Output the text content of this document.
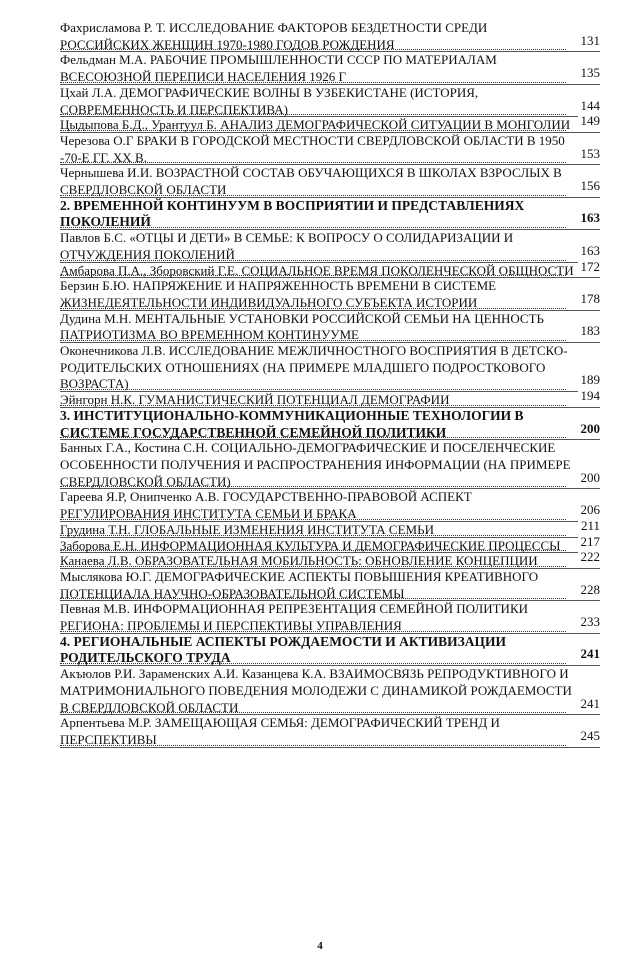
Фахрисламова Р. Т. ИССЛЕДОВАНИЕ ФАКТОРОВ БЕЗДЕТНОСТИ СРЕДИ РОССИЙСКИХ ЖЕНЩИН 1970-1980 ГОДОВ РОЖДЕНИЯ	131
Фельдман М.А. РАБОЧИЕ ПРОМЫШЛЕННОСТИ СССР ПО МАТЕРИАЛАМ ВСЕСОЮЗНОЙ ПЕРЕПИСИ НАСЕЛЕНИЯ 1926 Г	135
Цхай Л.А. ДЕМОГРАФИЧЕСКИЕ ВОЛНЫ В УЗБЕКИСТАНЕ (ИСТОРИЯ, СОВРЕМЕННОСТЬ И ПЕРСПЕКТИВА)	144
Цыдыпова Б.Д., Урантуул Б. АНАЛИЗ ДЕМОГРАФИЧЕСКОЙ СИТУАЦИИ В МОНГОЛИИ 149
Черезова О.Г БРАКИ В ГОРОДСКОЙ МЕСТНОСТИ СВЕРДЛОВСКОЙ ОБЛАСТИ В 1950 -70-Е ГГ. XX В.	153
Чернышева И.И. ВОЗРАСТНОЙ СОСТАВ ОБУЧАЮЩИХСЯ В ШКОЛАХ ВЗРОСЛЫХ В СВЕРДЛОВСКОЙ ОБЛАСТИ	156
2. ВРЕМЕННОЙ КОНТИНУУМ В ВОСПРИЯТИИ И ПРЕДСТАВЛЕНИЯХ ПОКОЛЕНИЙ	163
Павлов Б.С. «ОТЦЫ И ДЕТИ» В СЕМЬЕ: К ВОПРОСУ О СОЛИДАРИЗАЦИИ И ОТЧУЖДЕНИЯ ПОКОЛЕНИЙ	163
Амбарова П.А., Зборовский Г.Е. СОЦИАЛЬНОЕ ВРЕМЯ ПОКОЛЕНЧЕСКОЙ ОБЩНОСТИ 172
Берзин Б.Ю. НАПРЯЖЕНИЕ И НАПРЯЖЕННОСТЬ ВРЕМЕНИ В СИСТЕМЕ ЖИЗНЕДЕЯТЕЛЬНОСТИ ИНДИВИДУАЛЬНОГО СУБЪЕКТА ИСТОРИИ	178
Дудина М.Н. МЕНТАЛЬНЫЕ УСТАНОВКИ РОССИЙСКОЙ СЕМЬИ НА ЦЕННОСТЬ ПАТРИОТИЗМА ВО ВРЕМЕННОМ КОНТИНУУМЕ	183
Оконечникова Л.В. ИССЛЕДОВАНИЕ МЕЖЛИЧНОСТНОГО ВОСПРИЯТИЯ В ДЕТСКО-РОДИТЕЛЬСКИХ ОТНОШЕНИЯХ (НА ПРИМЕРЕ МЛАДШЕГО ПОДРОСТКОВОГО ВОЗРАСТА)	189
Эйнгорн Н.К. ГУМАНИСТИЧЕСКИЙ ПОТЕНЦИАЛ ДЕМОГРАФИИ	194
3. ИНСТИТУЦИОНАЛЬНО-КОММУНИКАЦИОННЫЕ ТЕХНОЛОГИИ В СИСТЕМЕ ГОСУДАРСТВЕННОЙ СЕМЕЙНОЙ ПОЛИТИКИ	200
Банных Г.А., Костина С.Н. СОЦИАЛЬНО-ДЕМОГРАФИЧЕСКИЕ И ПОСЕЛЕНЧЕСКИЕ ОСОБЕННОСТИ ПОЛУЧЕНИЯ И РАСПРОСТРАНЕНИЯ ИНФОРМАЦИИ (НА ПРИМЕРЕ СВЕРДЛОВСКОЙ ОБЛАСТИ)	200
Гареева Я.Р, Онипченко А.В. ГОСУДАРСТВЕННО-ПРАВОВОЙ АСПЕКТ РЕГУЛИРОВАНИЯ ИНСТИТУТА СЕМЬИ И БРАКА	206
Грудина Т.Н. ГЛОБАЛЬНЫЕ ИЗМЕНЕНИЯ ИНСТИТУТА СЕМЬИ	211
Заборова Е.Н. ИНФОРМАЦИОННАЯ КУЛЬТУРА И ДЕМОГРАФИЧЕСКИЕ ПРОЦЕССЫ	217
Канаева Л.В. ОБРАЗОВАТЕЛЬНАЯ МОБИЛЬНОСТЬ: ОБНОВЛЕНИЕ КОНЦЕПЦИИ	222
Мыслякова Ю.Г. ДЕМОГРАФИЧЕСКИЕ АСПЕКТЫ ПОВЫШЕНИЯ КРЕАТИВНОГО ПОТЕНЦИАЛА НАУЧНО-ОБРАЗОВАТЕЛЬНОЙ СИСТЕМЫ	228
Певная М.В. ИНФОРМАЦИОННАЯ РЕПРЕЗЕНТАЦИЯ СЕМЕЙНОЙ ПОЛИТИКИ РЕГИОНА: ПРОБЛЕМЫ И ПЕРСПЕКТИВЫ УПРАВЛЕНИЯ	233
4. РЕГИОНАЛЬНЫЕ АСПЕКТЫ РОЖДАЕМОСТИ И АКТИВИЗАЦИИ РОДИТЕЛЬСКОГО ТРУДА	241
Акъюлов Р.И. Зараменских А.И. Казанцева К.А. ВЗАИМОСВЯЗЬ РЕПРОДУКТИВНОГО И МАТРИМОНИАЛЬНОГО ПОВЕДЕНИЯ МОЛОДЕЖИ С ДИНАМИКОЙ РОЖДАЕМОСТИ В СВЕРДЛОВСКОЙ ОБЛАСТИ	241
Арпентьева М.Р. ЗАМЕЩАЮЩАЯ СЕМЬЯ: ДЕМОГРАФИЧЕСКИЙ ТРЕНД И ПЕРСПЕКТИВЫ	245
4
